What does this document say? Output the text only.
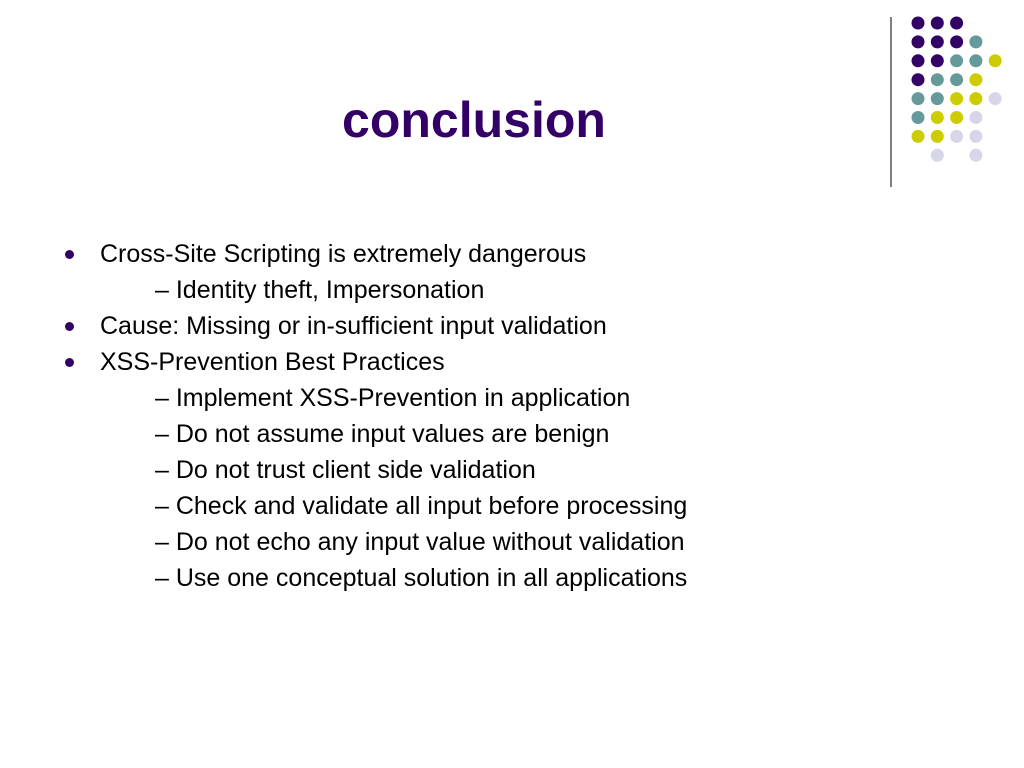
conclusion
Cross-Site Scripting is extremely dangerous
– Identity theft, Impersonation
Cause: Missing or in-sufficient input validation
XSS-Prevention Best Practices
– Implement XSS-Prevention in application
– Do not assume input values are benign
– Do not trust client side validation
– Check and validate all input before processing
– Do not echo any input value without validation
– Use one conceptual solution in all applications
